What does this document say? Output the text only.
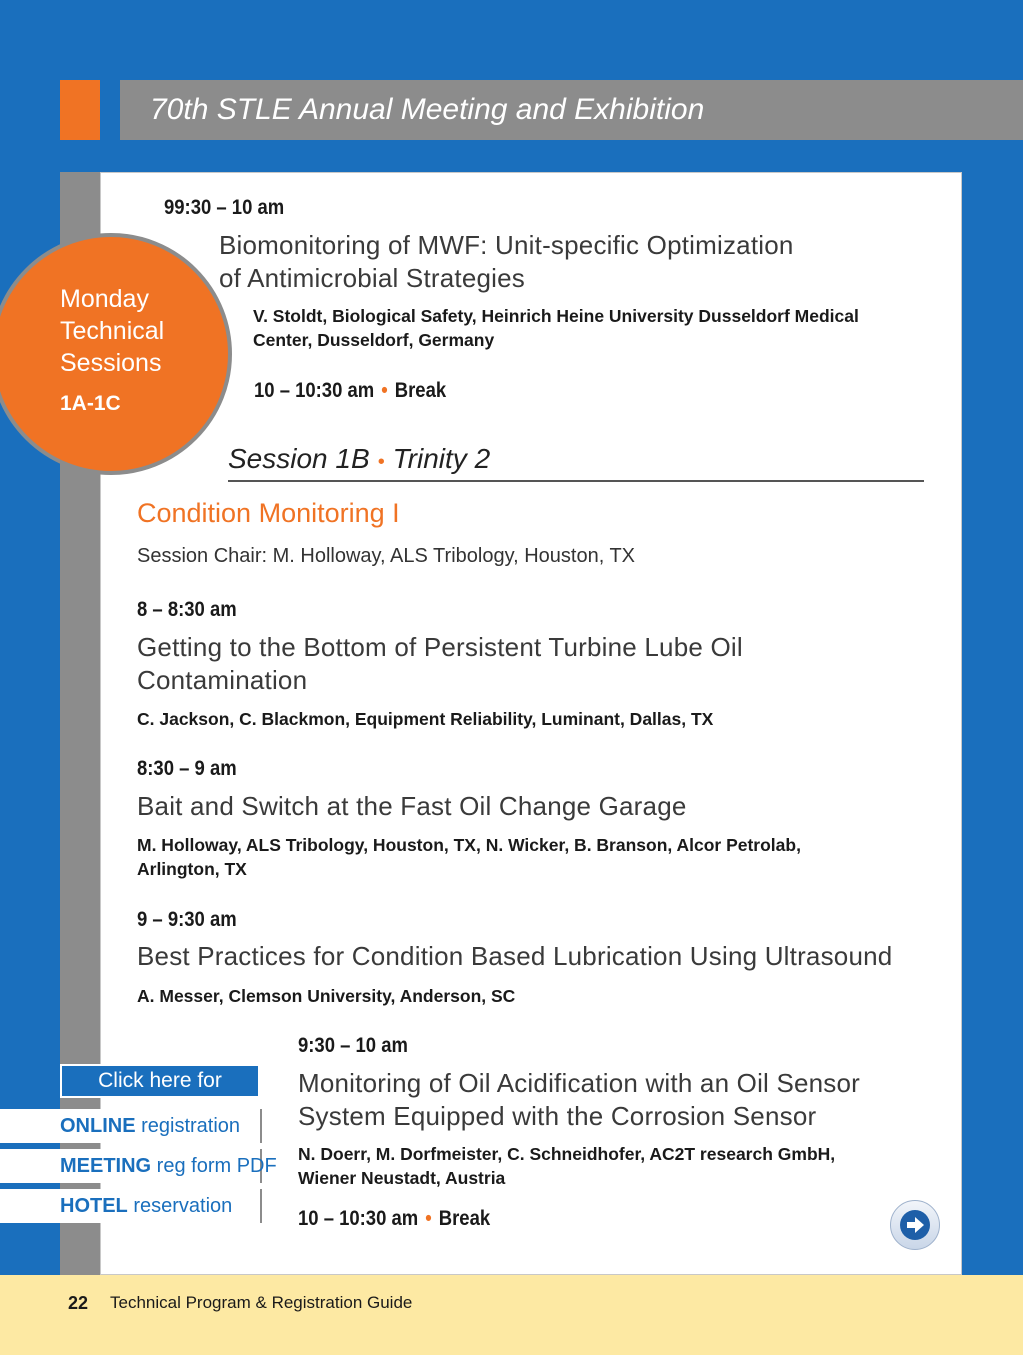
70th STLE Annual Meeting and Exhibition
Monday
Technical
Sessions
1A-1C
99:30 – 10 am
Biomonitoring of MWF: Unit-specific Optimization
of Antimicrobial Strategies
V. Stoldt, Biological Safety, Heinrich Heine University Dusseldorf Medical
Center, Dusseldorf, Germany
10 – 10:30 am • Break
Session 1B • Trinity 2
Condition Monitoring I
Session Chair: M. Holloway, ALS Tribology, Houston, TX
8 – 8:30 am
Getting to the Bottom of Persistent Turbine Lube Oil
Contamination
C. Jackson, C. Blackmon, Equipment Reliability, Luminant, Dallas, TX
8:30 – 9 am
Bait and Switch at the Fast Oil Change Garage
M. Holloway, ALS Tribology, Houston, TX, N. Wicker, B. Branson, Alcor Petrolab,
Arlington, TX
9 – 9:30 am
Best Practices for Condition Based Lubrication Using Ultrasound
A. Messer, Clemson University, Anderson, SC
9:30 – 10 am
Monitoring of Oil Acidification with an Oil Sensor
System Equipped with the Corrosion Sensor
N. Doerr, M. Dorfmeister, C. Schneidhofer, AC2T research GmbH,
Wiener Neustadt, Austria
10 – 10:30 am • Break
Click here for
ONLINE registration
MEETING reg form PDF
HOTEL reservation
22 Technical Program & Registration Guide
